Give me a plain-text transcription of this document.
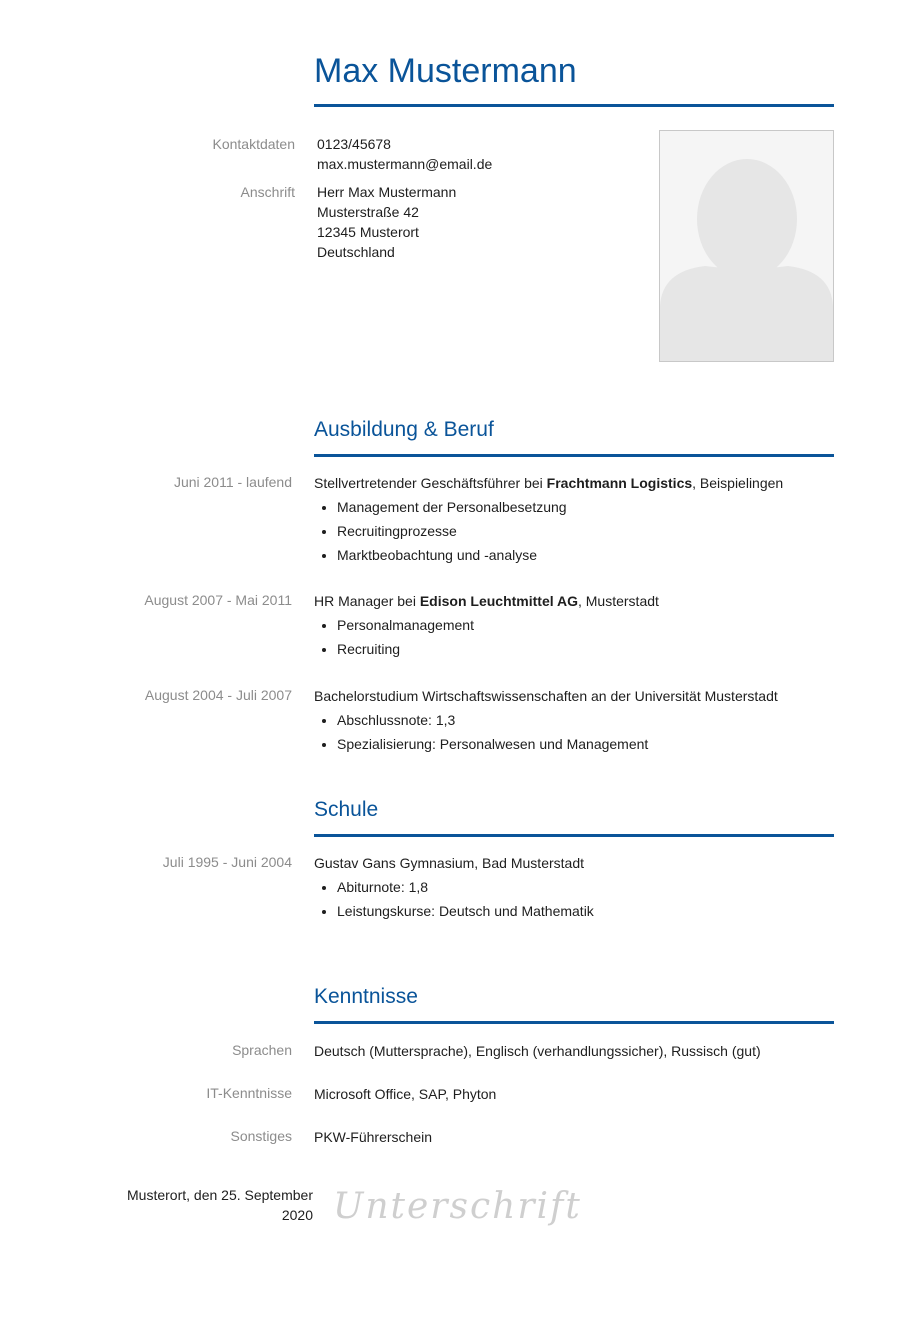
Max Mustermann
Kontaktdaten 0123/45678
max.mustermann@email.de
Anschrift Herr Max Mustermann
Musterstraße 42
12345 Musterort
Deutschland
Ausbildung & Beruf
Juni 2011 - laufend Stellvertretender Geschäftsführer bei Frachtmann Logistics, Beispielingen
• Management der Personalbesetzung
• Recruitingprozesse
• Marktbeobachtung und -analyse
August 2007 - Mai 2011 HR Manager bei Edison Leuchtmittel AG, Musterstadt
• Personalmanagement
• Recruiting
August 2004 - Juli 2007 Bachelorstudium Wirtschaftswissenschaften an der Universität Musterstadt
• Abschlussnote: 1,3
• Spezialisierung: Personalwesen und Management
Schule
Juli 1995 - Juni 2004 Gustav Gans Gymnasium, Bad Musterstadt
• Abiturnote: 1,8
• Leistungskurse: Deutsch und Mathematik
Kenntnisse
Sprachen Deutsch (Muttersprache), Englisch (verhandlungssicher), Russisch (gut)
IT-Kenntnisse Microsoft Office, SAP, Phyton
Sonstiges PKW-Führerschein
Musterort, den 25. September
2020 Unterschrift
